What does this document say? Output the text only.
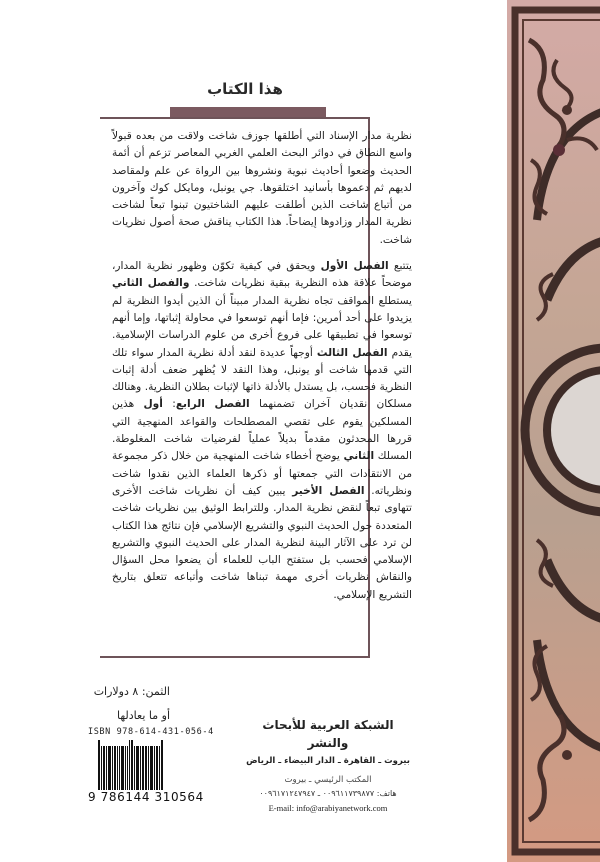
هذا الكتاب

نظرية مدار الإسناد التي أطلقها جوزف شاخت ولاقت من بعده قبولاً واسع النطاق في دوائر البحث العلمي الغربي المعاصر تزعم أن أئمة الحديث وضعوا أحاديث نبوية ونشروها بين الرواة عن علم ولمقاصد لديهم ثم دعموها بأسانيد اختلقوها. جي يونبل، ومايكل كوك وآخرون من أتباع شاخت الذين أطلقت عليهم الشاختيون تبنوا تبعاً لشاخت نظرية المدار وزادوها إيضاحاً. هذا الكتاب يناقش صحة أصول نظريات شاخت.

يتتبع الفصل الأول ويحقق في كيفية تكوّن وظهور نظرية المدار، موضحاً علاقة هذه النظرية ببقية نظريات شاخت. والفصل الثاني يستطلع المواقف تجاه نظرية المدار مبيناً أن الذين أيدوا النظرية لم يزيدوا على أحد أمرين: فإما أنهم توسعوا في محاولة إثباتها، وإما أنهم توسعوا في تطبيقها على فروع أخرى من علوم الدراسات الإسلامية. يقدم الفصل الثالث أوجهاً عديدة لنقد أدلة نظرية المدار سواء تلك التي قدمها شاخت أو يونبل، وهذا النقد لا يُظهر ضعف أدلة إثبات النظرية فحسب، بل يستدل بالأدلة ذاتها لإثبات بطلان النظرية. وهنالك مسلكان نقديان آخران تضمنهما الفصل الرابع: أول هذين المسلكين يقوم على تقصي المصطلحات والقواعد المنهجية التي قررها المحدثون مقدماً بديلاً عملياً لفرضيات شاخت المغلوطة. المسلك الثاني يوضح أخطاء شاخت المنهجية من خلال ذكر مجموعة من الانتقادات التي جمعتها أو ذكرها العلماء الذين نقدوا شاخت ونظرياته. الفصل الأخير يبين كيف أن نظريات شاخت الأخرى تتهاوى تبعاً لنقض نظرية المدار. وللترابط الوثيق بين نظريات شاخت المتعددة حول الحديث النبوي والتشريع الإسلامي فإن نتائج هذا الكتاب لن ترد على الآثار البينة لنظرية المدار على الحديث النبوي والتشريع الإسلامي فحسب بل ستفتح الباب للعلماء أن يضعوا محل السؤال والنقاش نظريات أخرى مهمة تبناها شاخت وأتباعه تتعلق بتاريخ التشريع الإسلامي.

الثمن: ٨ دولارات
أو ما يعادلها
ISBN 978-614-431-056-4
9 786144 310564
الشبكة العربية للأبحاث والنشر
بيروت ـ القاهرة ـ الدار البيضاء ـ الرياض
المكتب الرئيسي ـ بيروت
هاتف: ٠٠٩٦١١٧٣٩٨٧٧ ـ ٠٠٩٦١٧١٢٤٧٩٤٧
E-mail: info@arabiyanetwork.com
